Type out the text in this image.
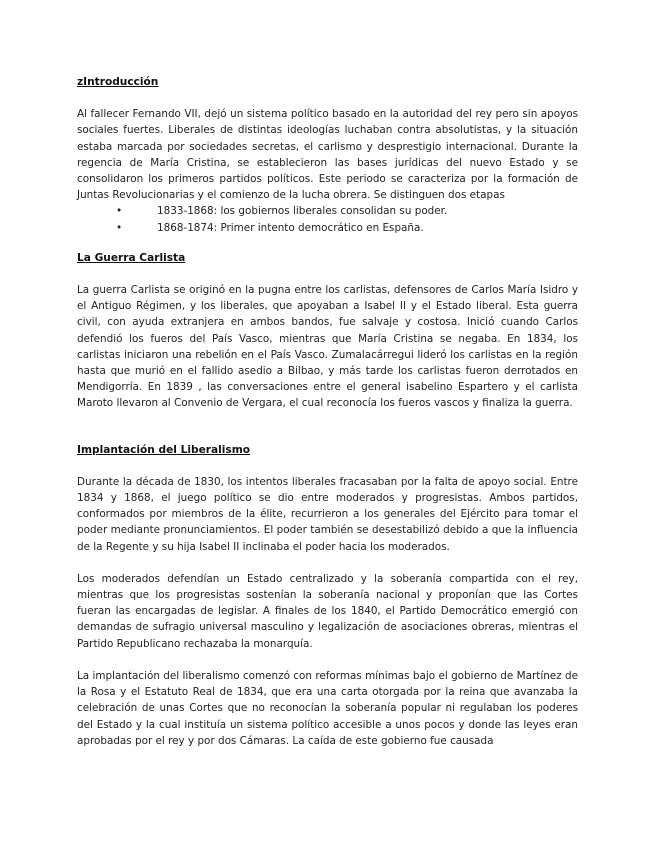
zIntroducción

Al fallecer Fernando VII, dejó un sistema político basado en la autoridad del rey pero sin apoyos sociales fuertes. Liberales de distintas ideologías luchaban contra absolutistas, y la situación estaba marcada por sociedades secretas, el carlismo y desprestigio internacional. Durante la regencia de María Cristina, se establecieron las bases jurídicas del nuevo Estado y se consolidaron los primeros partidos políticos. Este periodo se caracteriza por la formación de Juntas Revolucionarias y el comienzo de la lucha obrera. Se distinguen dos etapas

•	1833-1868: los gobiernos liberales consolidan su poder.
•	1868-1874: Primer intento democrático en España.

La Guerra Carlista

La guerra Carlista se originó en la pugna entre los carlistas, defensores de Carlos María Isidro y el Antiguo Régimen, y los liberales, que apoyaban a Isabel II y el Estado liberal. Esta guerra civil, con ayuda extranjera en ambos bandos, fue salvaje y costosa. Inició cuando Carlos defendió los fueros del País Vasco, mientras que María Cristina se negaba. En 1834, los carlistas iniciaron una rebelión en el País Vasco. Zumalacárregui lideró los carlistas en la región hasta que murió en el fallido asedio a Bilbao, y más tarde los carlistas fueron derrotados en Mendigorría. En 1839 , las conversaciones entre el general isabelino Espartero y el carlista Maroto llevaron al Convenio de Vergara, el cual reconocía los fueros vascos y finaliza la guerra.

Implantación del Liberalismo

Durante la década de 1830, los intentos liberales fracasaban por la falta de apoyo social. Entre 1834 y 1868, el juego político se dio entre moderados y progresistas. Ambos partidos, conformados por miembros de la élite, recurrieron a los generales del Ejército para tomar el poder mediante pronunciamientos. El poder también se desestabilizó debido a que la influencia de la Regente y su hija Isabel II inclinaba el poder hacia los moderados.

Los moderados defendían un Estado centralizado y la soberanía compartida con el rey, mientras que los progresistas sostenían la soberanía nacional y proponían que las Cortes fueran las encargadas de legislar. A finales de los 1840, el Partido Democrático emergió con demandas de sufragio universal masculino y legalización de asociaciones obreras, mientras el Partido Republicano rechazaba la monarquía.

La implantación del liberalismo comenzó con reformas mínimas bajo el gobierno de Martínez de la Rosa y el Estatuto Real de 1834, que era una carta otorgada por la reina que avanzaba la celebración de unas Cortes que no reconocían la soberanía popular ni regulaban los poderes del Estado y la cual instituía un sistema político accesible a unos pocos y donde las leyes eran aprobadas por el rey y por dos Cámaras. La caída de este gobierno fue causada
